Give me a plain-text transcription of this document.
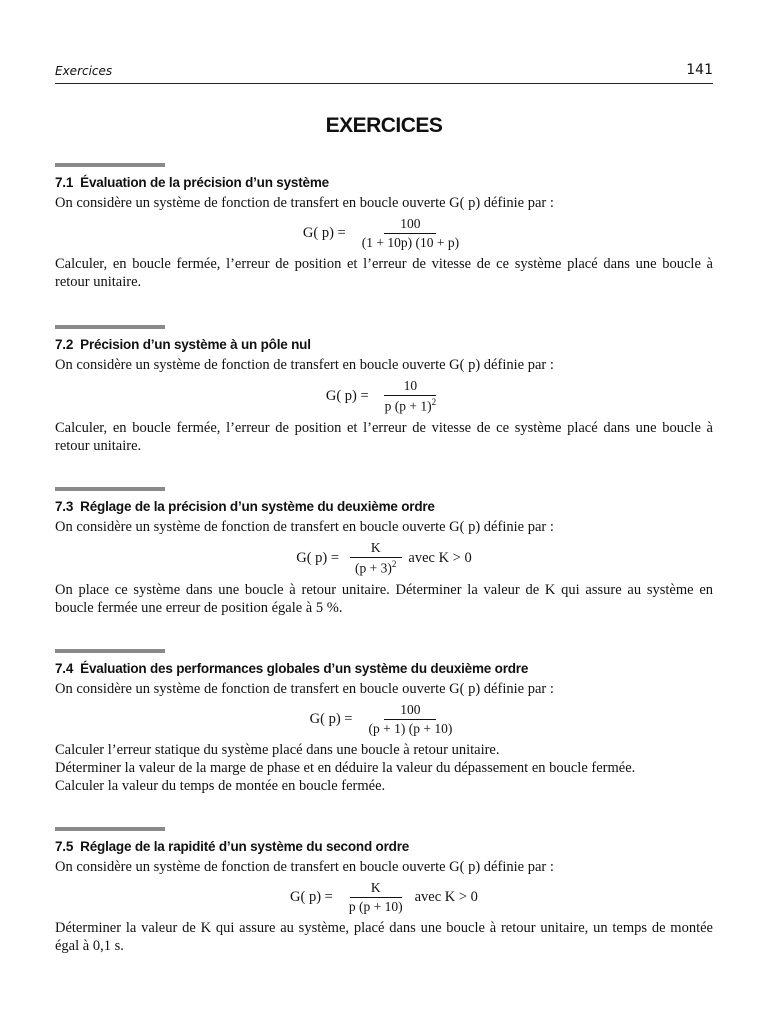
Exercices	141
EXERCICES
7.1 Évaluation de la précision d’un système
On considère un système de fonction de transfert en boucle ouverte G( p) définie par :
G( $p) = \frac{100}{(1 + 10p) (10 + p)}$
Calculer, en boucle fermée, l’erreur de position et l’erreur de vitesse de ce système placé dans une boucle à retour unitaire.
7.2 Précision d’un système à un pôle nul
On considère un système de fonction de transfert en boucle ouverte G( p) définie par :
G( $p) = \frac{10}{p (p + 1)^2}$
Calculer, en boucle fermée, l’erreur de position et l’erreur de vitesse de ce système placé dans une boucle à retour unitaire.
7.3 Réglage de la précision d’un système du deuxième ordre
On considère un système de fonction de transfert en boucle ouverte G( p) définie par :
G( $p) = \frac{K}{(p + 3)^2}$ avec K > 0
On place ce système dans une boucle à retour unitaire. Déterminer la valeur de K qui assure au système en boucle fermée une erreur de position égale à 5 %.
7.4 Évaluation des performances globales d’un système du deuxième ordre
On considère un système de fonction de transfert en boucle ouverte G( p) définie par :
G( $p) = \frac{100}{(p + 1) (p + 10)}$
Calculer l’erreur statique du système placé dans une boucle à retour unitaire.
Déterminer la valeur de la marge de phase et en déduire la valeur du dépassement en boucle fermée.
Calculer la valeur du temps de montée en boucle fermée.
7.5 Réglage de la rapidité d’un système du second ordre
On considère un système de fonction de transfert en boucle ouverte G( p) définie par :
G( $p) = \frac{K}{p (p + 10)}$ avec K > 0
Déterminer la valeur de K qui assure au système, placé dans une boucle à retour unitaire, un temps de montée égal à 0,1 s.
